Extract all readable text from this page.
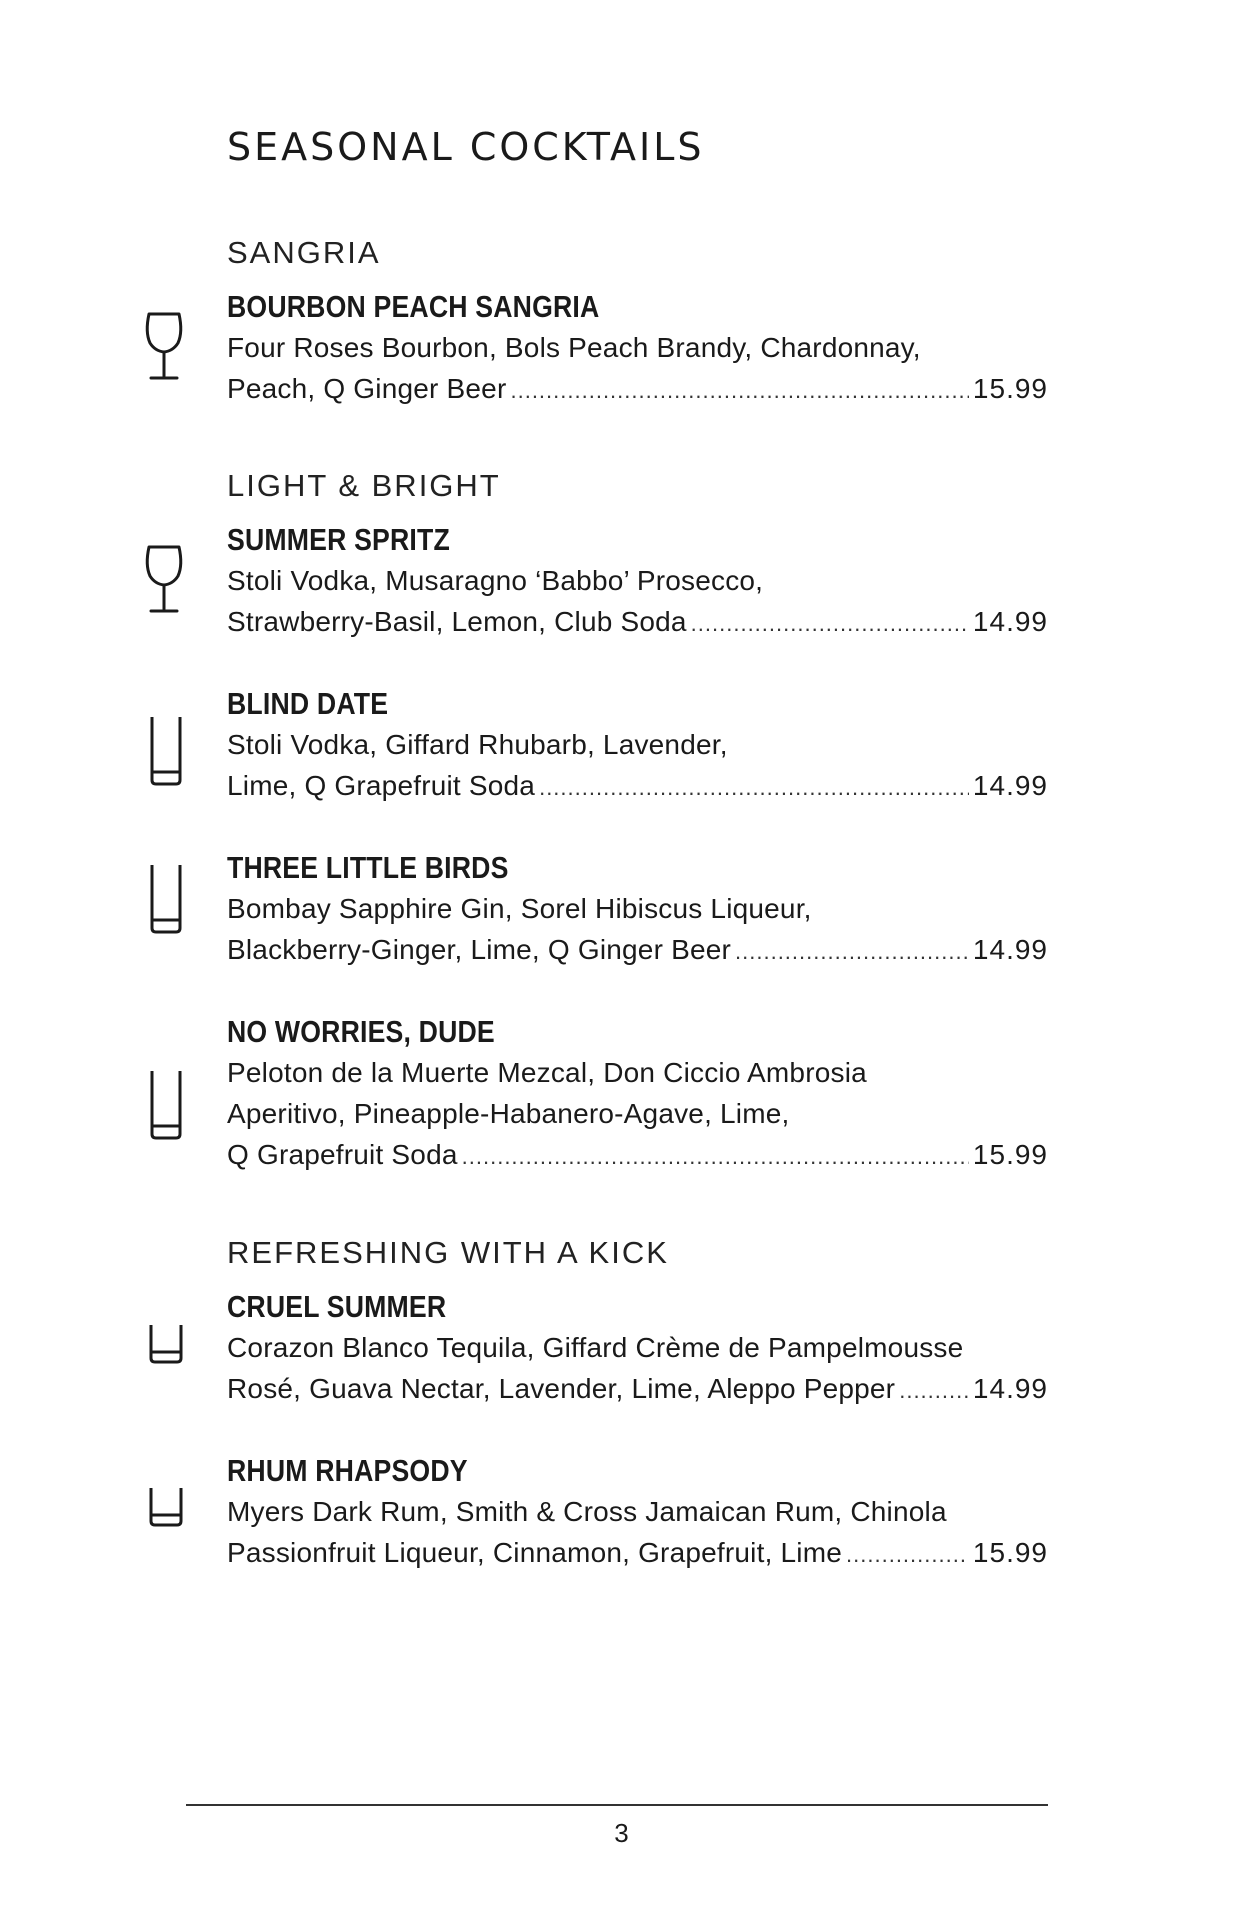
SEASONAL COCKTAILS
SANGRIA
BOURBON PEACH SANGRIA
Four Roses Bourbon, Bols Peach Brandy, Chardonnay,
Peach, Q Ginger Beer .....	15.99
LIGHT & BRIGHT
SUMMER SPRITZ
Stoli Vodka, Musaragno ‘Babbo’ Prosecco,
Strawberry-Basil, Lemon, Club Soda .....	14.99
BLIND DATE
Stoli Vodka, Giffard Rhubarb, Lavender,
Lime, Q Grapefruit Soda .....	14.99
THREE LITTLE BIRDS
Bombay Sapphire Gin, Sorel Hibiscus Liqueur,
Blackberry-Ginger, Lime, Q Ginger Beer .....	14.99
NO WORRIES, DUDE
Peloton de la Muerte Mezcal, Don Ciccio Ambrosia
Aperitivo, Pineapple-Habanero-Agave, Lime,
Q Grapefruit Soda .....	15.99
REFRESHING WITH A KICK
CRUEL SUMMER
Corazon Blanco Tequila, Giffard Crème de Pampelmousse
Rosé, Guava Nectar, Lavender, Lime, Aleppo Pepper .....	14.99
RHUM RHAPSODY
Myers Dark Rum, Smith & Cross Jamaican Rum, Chinola
Passionfruit Liqueur, Cinnamon, Grapefruit, Lime .....	15.99
3
